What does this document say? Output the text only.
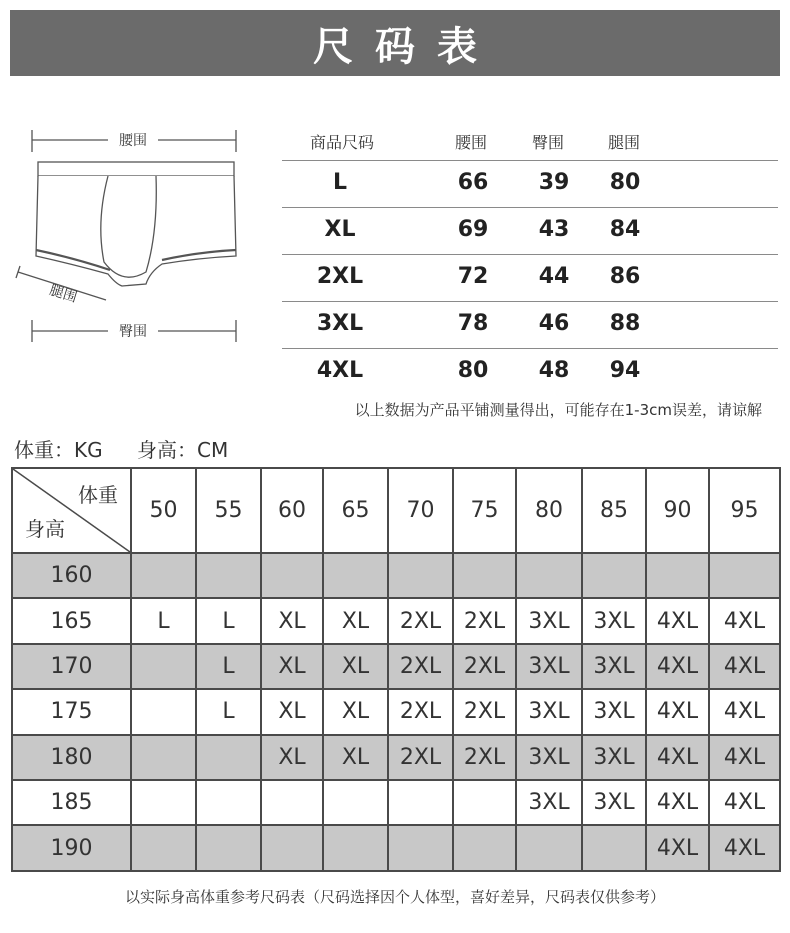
尺码表
腰围
腿围
臀围
商品尺码	腰围	臀围	腿围
L	66	39	80
XL	69	43	84
2XL	72	44	86
3XL	78	46	88
4XL	80	48	94
以上数据为产品平铺测量得出，可能存在1-3cm误差，请谅解
体重：KG 身高：CM
体重
身高	50	55	60	65	70	75	80	85	90	95
160										
165	L	L	XL	XL	2XL	2XL	3XL	3XL	4XL	4XL
170		L	XL	XL	2XL	2XL	3XL	3XL	4XL	4XL
175		L	XL	XL	2XL	2XL	3XL	3XL	4XL	4XL
180			XL	XL	2XL	2XL	3XL	3XL	4XL	4XL
185							3XL	3XL	4XL	4XL
190									4XL	4XL
以实际身高体重参考尺码表（尺码选择因个人体型，喜好差异，尺码表仅供参考）
